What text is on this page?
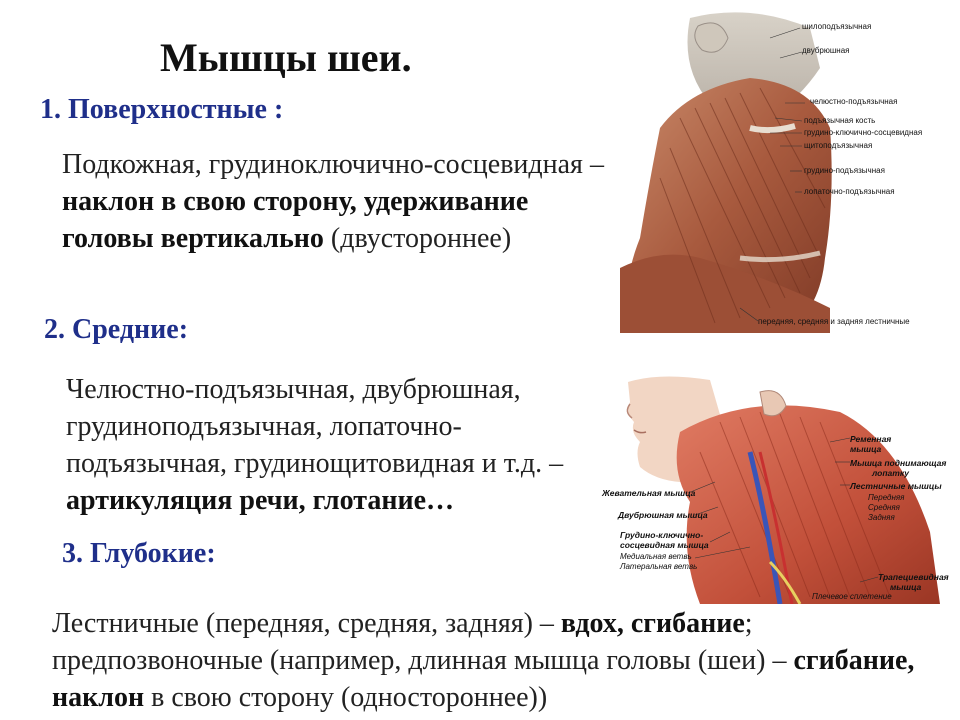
Мышцы шеи.
1. Поверхностные :
Подкожная, грудиноключично-сосцевидная – наклон в свою сторону, удерживание головы вертикально (двустороннее)
2. Средние:
Челюстно-подъязычная, двубрюшная, грудиноподъязычная, лопаточно-подъязычная, грудинощитовидная и т.д. – артикуляция речи, глотание…
3. Глубокие:
Лестничные (передняя, средняя, задняя) – вдох, сгибание; предпозвоночные (например, длинная мышца головы (шеи) – сгибание, наклон в свою сторону (одностороннее))
шилоподъязычная
двубрюшная
челюстно-подъязычная
подъязычная кость
грудино-ключично-сосцевидная
щитоподъязычная
грудино-подъязычная
лопаточно-подъязычная
передняя, средняя и задняя лестничные
Жевательная мышца
Двубрюшная мышца
Грудино-ключично-
сосцевидная мышца
Медиальная ветвь
Латеральная ветвь
Ременная
мышца
Мышца поднимающая
лопатку
Лестничные мышцы
Передняя
Средняя
Задняя
Трапециевидная
мышца
Плечевое сплетение
